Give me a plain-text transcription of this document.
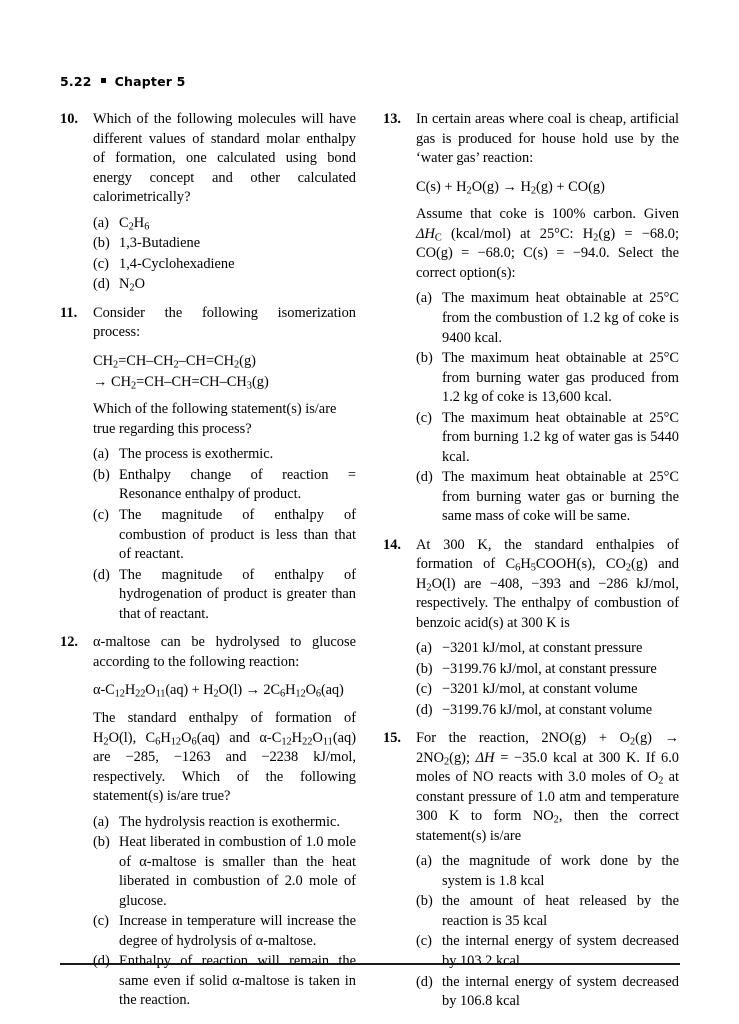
5.22 Chapter 5
10.	Which of the following molecules will have different values of standard molar enthalpy of formation, one calculated using bond energy concept and other calculated calorimetrically?
(a) $C_2H_6$
(b) 1,3-Butadiene
(c) 1,4-Cyclohexadiene
(d) $N_2O$
11.	Consider the following isomerization process:
$CH_2=CH-CH_2-CH=CH_2(g)$
→ $CH_2=CH-CH=CH-CH_3(g)$
Which of the following statement(s) is/are true regarding this process?
(a) The process is exothermic.
(b) Enthalpy change of reaction = Resonance enthalpy of product.
(c) The magnitude of enthalpy of combustion of product is less than that of reactant.
(d) The magnitude of enthalpy of hydrogenation of product is greater than that of reactant.
12.	α-maltose can be hydrolysed to glucose according to the following reaction:
$\alpha-C_{12}H_{22}O_{11}(aq) + H_2O(l) \to 2C_6H_{12}O_6(aq)$
The standard enthalpy of formation of $H_2O(l)$, $C_6H_{12}O_6(aq)$ and $\alpha-C_{12}H_{22}O_{11}(aq)$ are −285, −1263 and −2238 kJ/mol, respectively. Which of the following statement(s) is/are true?
(a) The hydrolysis reaction is exothermic.
(b) Heat liberated in combustion of 1.0 mole of α-maltose is smaller than the heat liberated in combustion of 2.0 mole of glucose.
(c) Increase in temperature will increase the degree of hydrolysis of α-maltose.
(d) Enthalpy of reaction will remain the same even if solid α-maltose is taken in the reaction.
13.	In certain areas where coal is cheap, artificial gas is produced for house hold use by the ‘water gas’ reaction:
$C(s) + H_2O(g) \to H_2(g) + CO(g)$
Assume that coke is 100% carbon. Given $\Delta H_C$ (kcal/mol) at 25°C: $H_2(g) = -68.0$; CO(g) = −68.0; C(s) = −94.0. Select the correct option(s):
(a) The maximum heat obtainable at 25°C from the combustion of 1.2 kg of coke is 9400 kcal.
(b) The maximum heat obtainable at 25°C from burning water gas produced from 1.2 kg of coke is 13,600 kcal.
(c) The maximum heat obtainable at 25°C from burning 1.2 kg of water gas is 5440 kcal.
(d) The maximum heat obtainable at 25°C from burning water gas or burning the same mass of coke will be same.
14.	At 300 K, the standard enthalpies of formation of $C_6H_5COOH(s)$, $CO_2(g)$ and $H_2O(l)$ are −408, −393 and −286 kJ/mol, respectively. The enthalpy of combustion of benzoic acid(s) at 300 K is
(a) −3201 kJ/mol, at constant pressure
(b) −3199.76 kJ/mol, at constant pressure
(c) −3201 kJ/mol, at constant volume
(d) −3199.76 kJ/mol, at constant volume
15.	For the reaction, $2NO(g) + O_2(g) \to 2NO_2(g)$; ΔH = −35.0 kcal at 300 K. If 6.0 moles of NO reacts with 3.0 moles of $O_2$ at constant pressure of 1.0 atm and temperature 300 K to form $NO_2$, then the correct statement(s) is/are
(a) the magnitude of work done by the system is 1.8 kcal
(b) the amount of heat released by the reaction is 35 kcal
(c) the internal energy of system decreased by 103.2 kcal
(d) the internal energy of system decreased by 106.8 kcal
